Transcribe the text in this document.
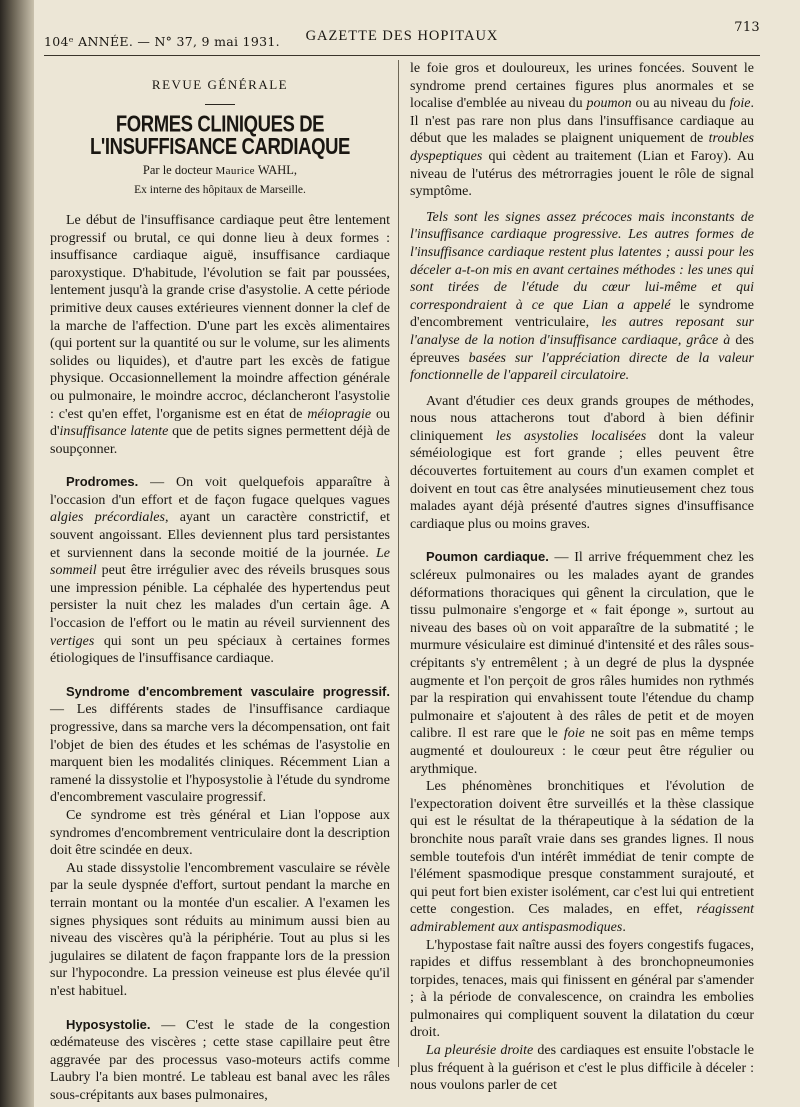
104ᵉ ANNÉE. — N° 37, 9 mai 1931.	GAZETTE DES HOPITAUX
713
REVUE GÉNÉRALE
FORMES CLINIQUES DE L'INSUFFISANCE CARDIAQUE
Par le docteur Maurice WAHL,
Ex interne des hôpitaux de Marseille.

Le début de l'insuffisance cardiaque peut être lentement progressif ou brutal, ce qui donne lieu à deux formes : insuffisance cardiaque aiguë, insuffisance cardiaque paroxystique. D'habitude, l'évolution se fait par poussées, lentement jusqu'à la grande crise d'asystolie. A cette période primitive deux causes extérieures viennent donner la clef de la marche de l'affection. D'une part les excès alimentaires (qui portent sur la quantité ou sur le volume, sur les aliments solides ou liquides), et d'autre part les excès de fatigue physique. Occasionnellement la moindre affection générale ou pulmonaire, le moindre accroc, déclancheront l'asystolie : c'est qu'en effet, l'organisme est en état de méiopragie ou d'insuffisance latente que de petits signes permettent déjà de soupçonner.

Prodromes. — On voit quelquefois apparaître à l'occasion d'un effort et de façon fugace quelques vagues algies précordiales, ayant un caractère constrictif, et souvent angoissant. Elles deviennent plus tard persistantes et surviennent dans la seconde moitié de la journée. Le sommeil peut être irrégulier avec des réveils brusques sous une impression pénible. La céphalée des hypertendus peut persister la nuit chez les malades d'un certain âge. A l'occasion de l'effort ou le matin au réveil surviennent des vertiges qui sont un peu spéciaux à certaines formes étiologiques de l'insuffisance cardiaque.

Syndrome d'encombrement vasculaire progressif. — Les différents stades de l'insuffisance cardiaque progressive, dans sa marche vers la décompensation, ont fait l'objet de bien des études et les schémas de l'asystolie en marquent bien les modalités cliniques. Récemment Lian a ramené la dissystolie et l'hyposystolie à l'étude du syndrome d'encombrement vasculaire progressif.

Ce syndrome est très général et Lian l'oppose aux syndromes d'encombrement ventriculaire dont la description doit être scindée en deux.

Au stade dissystolie l'encombrement vasculaire se révèle par la seule dyspnée d'effort, surtout pendant la marche en terrain montant ou la montée d'un escalier. A l'examen les signes physiques sont réduits au minimum aussi bien au niveau des viscères qu'à la périphérie. Tout au plus si les jugulaires se dilatent de façon frappante lors de la pression sur l'hypocondre. La pression veineuse est plus élevée qu'il n'est habituel.

Hyposystolie. — C'est le stade de la congestion œdémateuse des viscères ; cette stase capillaire peut être aggravée par des processus vaso-moteurs actifs comme Laubry l'a bien montré. Le tableau est banal avec les râles sous-crépitants aux bases pulmonaires,

le foie gros et douloureux, les urines foncées. Souvent le syndrome prend certaines figures plus anormales et se localise d'emblée au niveau du poumon ou au niveau du foie. Il n'est pas rare non plus dans l'insuffisance cardiaque au début que les malades se plaignent uniquement de troubles dyspeptiques qui cèdent au traitement (Lian et Faroy). Au niveau de l'utérus des métrorragies jouent le rôle de signal symptôme.

Tels sont les signes assez précoces mais inconstants de l'insuffisance cardiaque progressive. Les autres formes de l'insuffisance cardiaque restent plus latentes ; aussi pour les déceler a-t-on mis en avant certaines méthodes : les unes qui sont tirées de l'étude du cœur lui-même et qui correspondraient à ce que Lian a appelé le syndrome d'encombrement ventriculaire, les autres reposant sur l'analyse de la notion d'insuffisance cardiaque, grâce à des épreuves basées sur l'appréciation directe de la valeur fonctionnelle de l'appareil circulatoire.

Avant d'étudier ces deux grands groupes de méthodes, nous nous attacherons tout d'abord à bien définir cliniquement les asystolies localisées dont la valeur séméiologique est fort grande ; elles peuvent être découvertes fortuitement au cours d'un examen complet et doivent en tout cas être analysées minutieusement chez tous malades ayant déjà présenté d'autres signes d'insuffisance cardiaque plus ou moins graves.

Poumon cardiaque. — Il arrive fréquemment chez les scléreux pulmonaires ou les malades ayant de grandes déformations thoraciques qui gênent la circulation, que le tissu pulmonaire s'engorge et « fait éponge », surtout au niveau des bases où on voit apparaître de la submatité ; le murmure vésiculaire est diminué d'intensité et des râles sous-crépitants s'y entremêlent ; à un degré de plus la dyspnée augmente et l'on perçoit de gros râles humides non rythmés par la respiration qui envahissent toute l'étendue du champ pulmonaire et s'ajoutent à des râles de petit et de moyen calibre. Il est rare que le foie ne soit pas en même temps augmenté et douloureux : le cœur peut être régulier ou arythmique.

Les phénomènes bronchitiques et l'évolution de l'expectoration doivent être surveillés et la thèse classique qui est le résultat de la thérapeutique à la sédation de la bronchite nous paraît vraie dans ses grandes lignes. Il nous semble toutefois d'un intérêt immédiat de tenir compte de l'élément spasmodique presque constamment surajouté, et qui peut fort bien exister isolément, car c'est lui qui entretient cette congestion. Ces malades, en effet, réagissent admirablement aux antispasmodiques.

L'hypostase fait naître aussi des foyers congestifs fugaces, rapides et diffus ressemblant à des bronchopneumonies torpides, tenaces, mais qui finissent en général par s'amender ; à la période de convalescence, on craindra les embolies pulmonaires qui compliquent souvent la dilatation du cœur droit.

La pleurésie droite des cardiaques est ensuite l'obstacle le plus fréquent à la guérison et c'est le plus difficile à déceler : nous voulons parler de cet
